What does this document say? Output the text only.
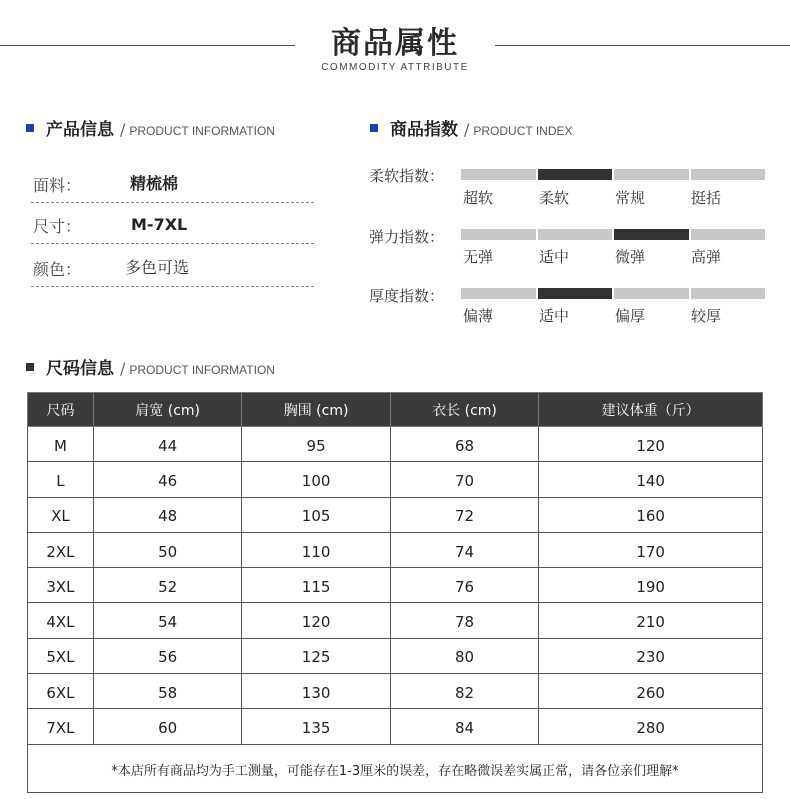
商品属性
COMMODITY ATTRIBUTE
产品信息 / PRODUCT INFORMATION
面料：	精梳棉
尺寸：	M-7XL
颜色：	多色可选
商品指数 / PRODUCT INDEX
柔软指数：
超软	柔软	常规	挺括
弹力指数：
无弹	适中	微弹	高弹
厚度指数：
偏薄	适中	偏厚	较厚
尺码信息 / PRODUCT INFORMATION
尺码	肩宽 (cm)	胸围 (cm)	衣长 (cm)	建议体重（斤）
M	44	95	68	120
L	46	100	70	140
XL	48	105	72	160
2XL	50	110	74	170
3XL	52	115	76	190
4XL	54	120	78	210
5XL	56	125	80	230
6XL	58	130	82	260
7XL	60	135	84	280
*本店所有商品均为手工测量，可能存在1-3厘米的误差，存在略微误差实属正常，请各位亲们理解*				
